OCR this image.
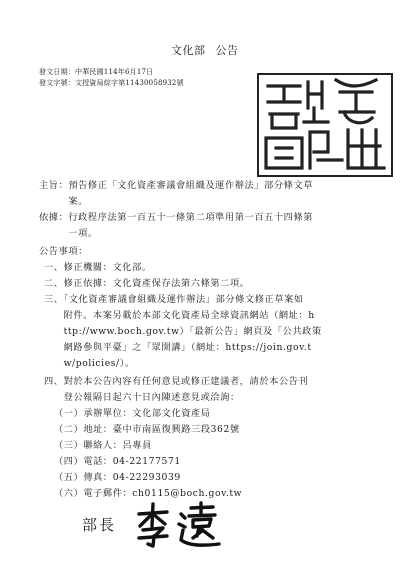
文化部 公告
發文日期：中華民國114年6月17日
發文字號：文授資局綜字第11430058932號
主旨：預告修正「文化資產審議會組織及運作辦法」部分條文草
　　　案。
依據：行政程序法第一百五十一條第二項準用第一百五十四條第
　　　一項。
公告事項：
一、修正機關：文化部。
二、修正依據：文化資產保存法第六條第二項。
三、「文化資產審議會組織及運作辦法」部分條文修正草案如
　　附件。本案另載於本部文化資產局全球資訊網站（網址：h
　　ttp://www.boch.gov.tw）「最新公告」網頁及「公共政策
　　網路參與平臺」之「眾開講」（網址：https://join.gov.t
　　w/policies/）。
四、對於本公告內容有任何意見或修正建議者，請於本公告刊
　　登公報隔日起六十日內陳述意見或洽詢：
（一）承辦單位：文化部文化資產局
（二）地址：臺中市南區復興路三段362號
（三）聯絡人：呂專員
（四）電話：04-22177571
（五）傳真：04-22293039
（六）電子郵件：ch0115@boch.gov.tw
部長
